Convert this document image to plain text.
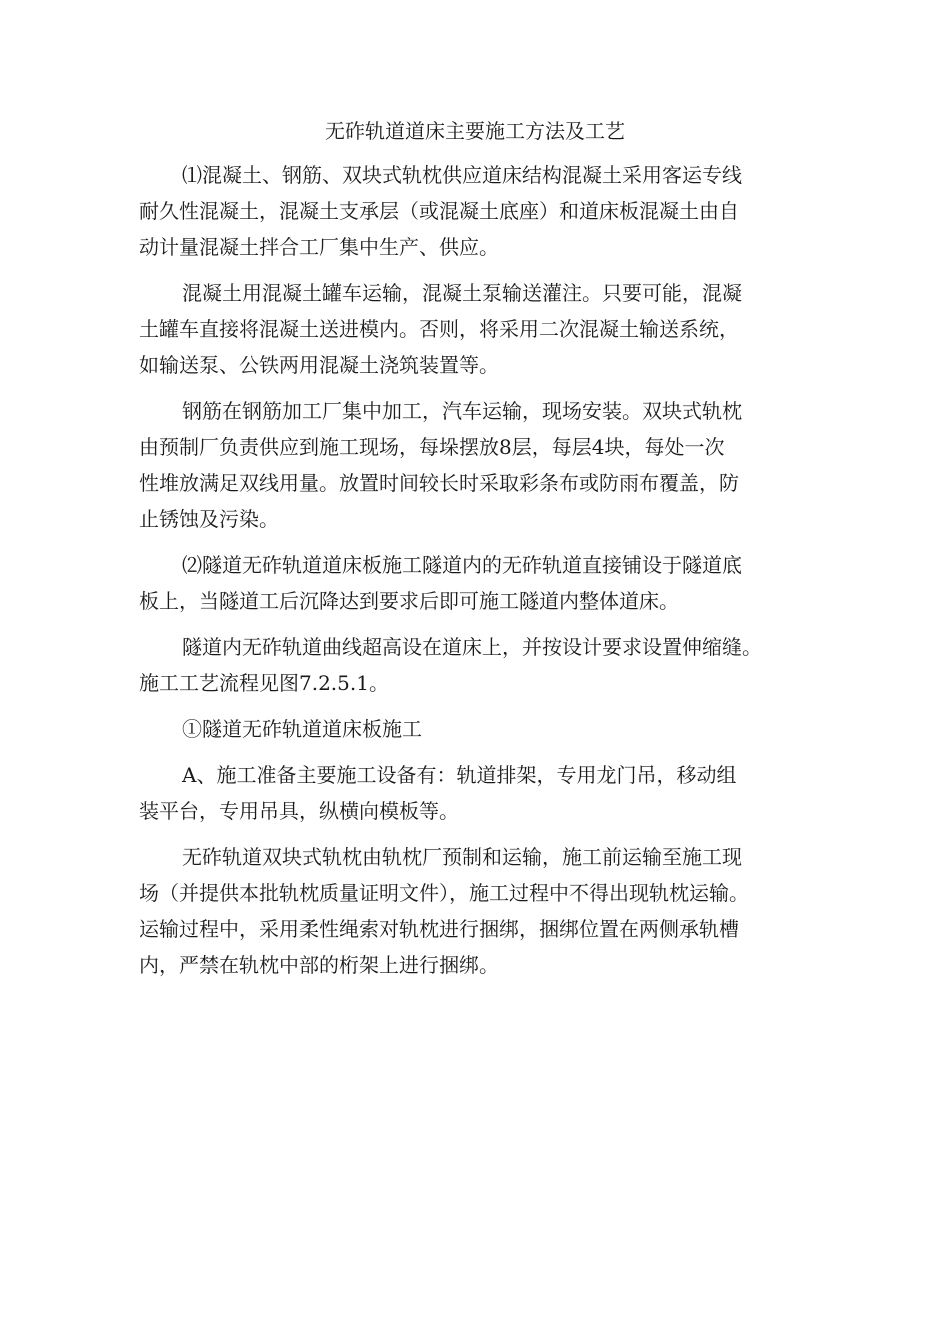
无砟轨道道床主要施工方法及工艺

⑴混凝土、钢筋、双块式轨枕供应道床结构混凝土采用客运专线
耐久性混凝土，混凝土支承层（或混凝土底座）和道床板混凝土由自
动计量混凝土拌合工厂集中生产、供应。

混凝土用混凝土罐车运输，混凝土泵输送灌注。只要可能，混凝
土罐车直接将混凝土送进模内。否则，将采用二次混凝土输送系统，
如输送泵、公铁两用混凝土浇筑装置等。

钢筋在钢筋加工厂集中加工，汽车运输，现场安装。双块式轨枕
由预制厂负责供应到施工现场，每垛摆放8层，每层4块，每处一次
性堆放满足双线用量。放置时间较长时采取彩条布或防雨布覆盖，防
止锈蚀及污染。

⑵隧道无砟轨道道床板施工隧道内的无砟轨道直接铺设于隧道底
板上，当隧道工后沉降达到要求后即可施工隧道内整体道床。

隧道内无砟轨道曲线超高设在道床上，并按设计要求设置伸缩缝。
施工工艺流程见图7.2.5.1。

①隧道无砟轨道道床板施工

A、施工准备主要施工设备有：轨道排架，专用龙门吊，移动组
装平台，专用吊具，纵横向模板等。

无砟轨道双块式轨枕由轨枕厂预制和运输，施工前运输至施工现
场（并提供本批轨枕质量证明文件），施工过程中不得出现轨枕运输。
运输过程中，采用柔性绳索对轨枕进行捆绑，捆绑位置在两侧承轨槽
内，严禁在轨枕中部的桁架上进行捆绑。
